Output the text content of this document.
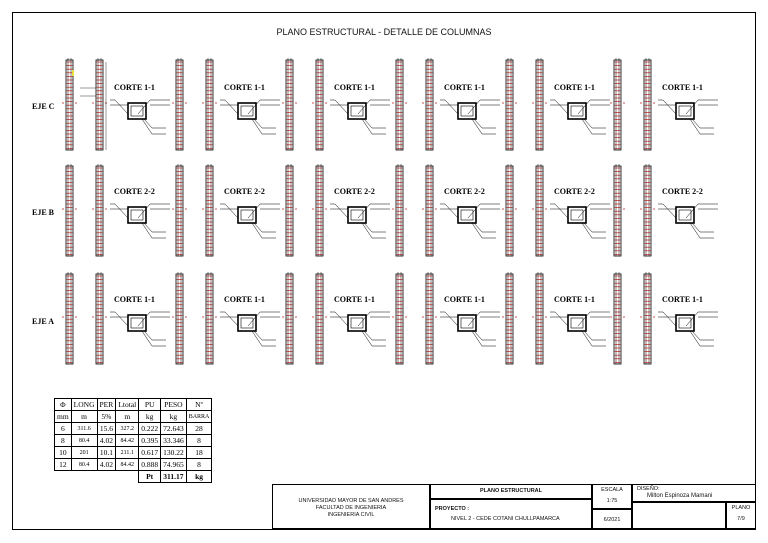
PLANO ESTRUCTURAL - DETALLE DE COLUMNAS
EJE C
EJE B
EJE A
CORTE 1-1	CORTE 1-1	CORTE 1-1	CORTE 1-1	CORTE 1-1	CORTE 1-1
CORTE 2-2	CORTE 2-2	CORTE 2-2	CORTE 2-2	CORTE 2-2	CORTE 2-2
CORTE 1-1	CORTE 1-1	CORTE 1-1	CORTE 1-1	CORTE 1-1	CORTE 1-1
Φ	LONG	PER	Ltotal	PU	PESO	Nº
mm	m	5%	m	kg	kg	BARRA
6	311.6	15.6	327.2	0.222	72.643	28
8	80.4	4.02	84.42	0.395	33.346	8
10	201	10.1	211.1	0.617	130.22	18
12	80.4	4.02	84.42	0.888	74.965	8
				Pt	311.17	kg
UNIVERSIDAD MAYOR DE SAN ANDRES
FACULTAD DE INGENIERIA
INGENIERIA CIVIL
PLANO ESTRUCTURAL
PROYECTO :
NIVEL 2 - CEDE COTANI CHULLPAMARCA
ESCALA
1:75
6/2021
DISEÑO:
Milton Espinoza Mamani
PLANO
7/9
